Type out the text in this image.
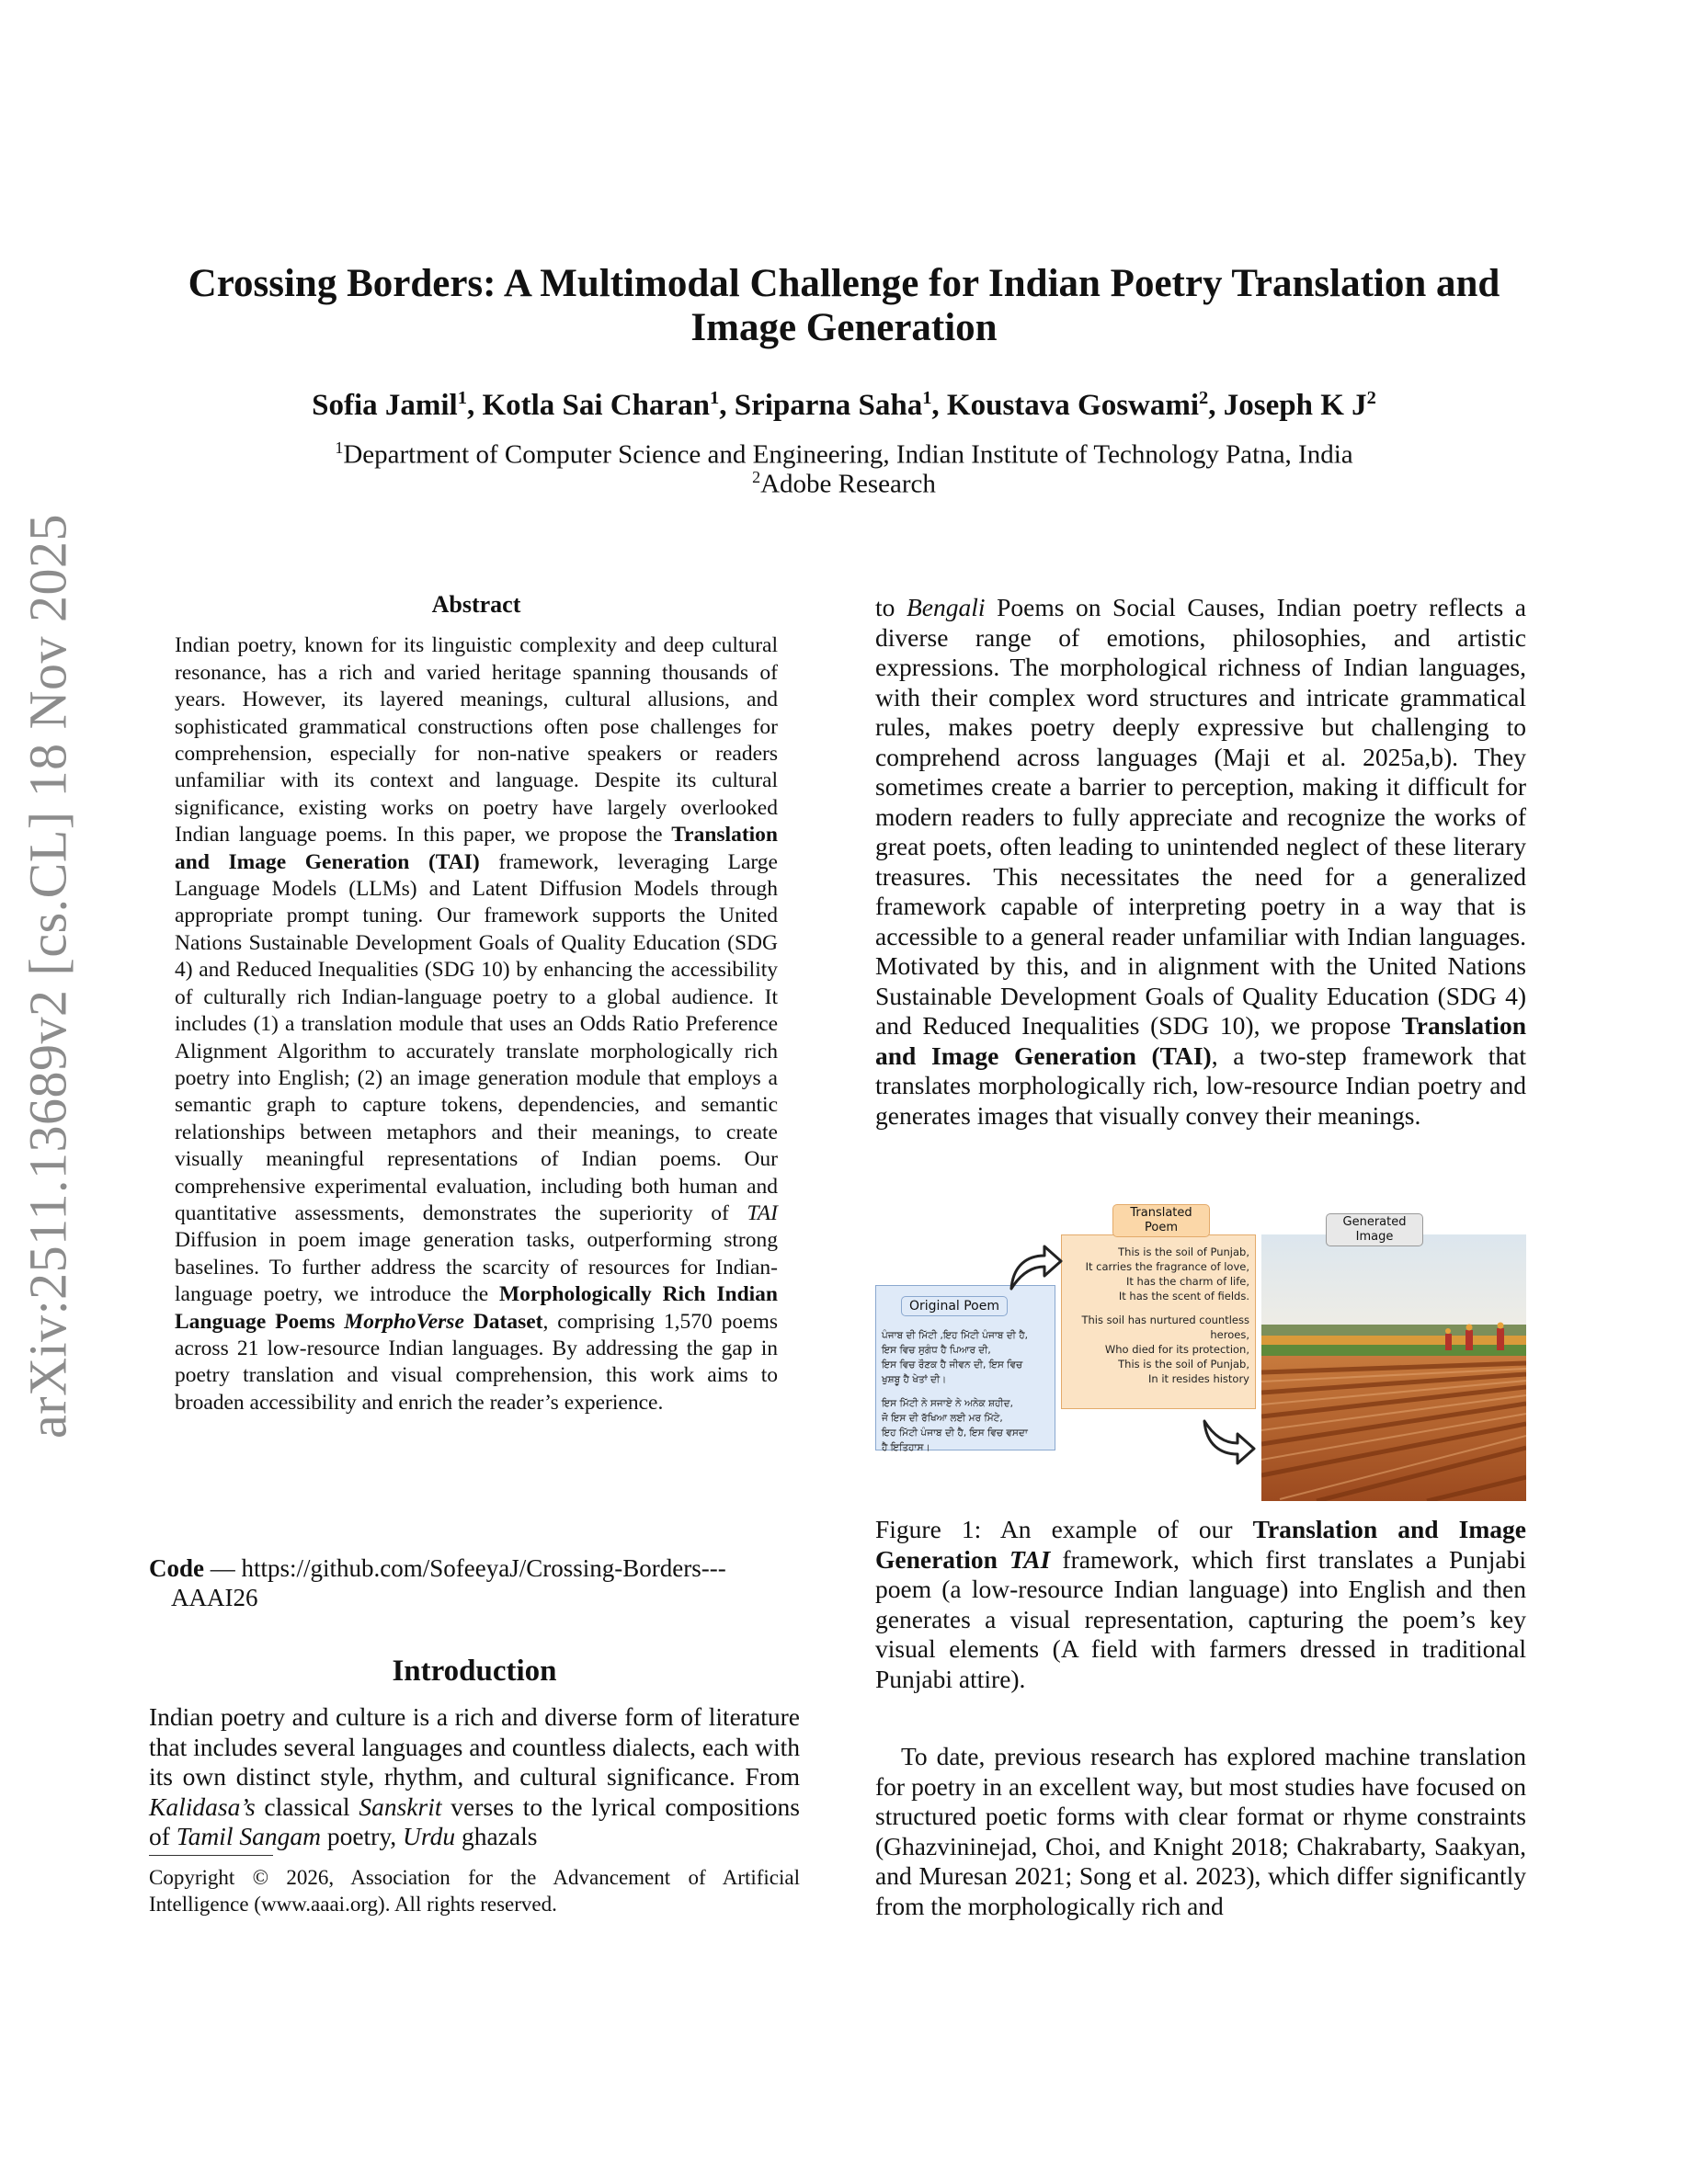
arXiv:2511.13689v2 [cs.CL] 18 Nov 2025
Crossing Borders: A Multimodal Challenge for Indian Poetry Translation and
Image Generation
Sofia Jamil$^1$, Kotla Sai Charan$^1$, Sriparna Saha$^1$, Koustava Goswami$^2$, Joseph K $J^2$
$^1$Department of Computer Science and Engineering, Indian Institute of Technology Patna, India
$^2$Adobe Research
Abstract

Indian poetry, known for its linguistic complexity and deep cultural resonance, has a rich and varied heritage spanning thousands of years. However, its layered meanings, cultural allusions, and sophisticated grammatical constructions often pose challenges for comprehension, especially for non-native speakers or readers unfamiliar with its context and language. Despite its cultural significance, existing works on poetry have largely overlooked Indian language poems. In this paper, we propose the Translation and Image Generation (TAI) framework, leveraging Large Language Models (LLMs) and Latent Diffusion Models through appropriate prompt tuning. Our framework supports the United Nations Sustainable Development Goals of Quality Education (SDG 4) and Reduced Inequalities (SDG 10) by enhancing the accessibility of culturally rich Indian-language poetry to a global audience. It includes (1) a translation module that uses an Odds Ratio Preference Alignment Algorithm to accurately translate morphologically rich poetry into English; (2) an image generation module that employs a semantic graph to capture tokens, dependencies, and semantic relationships between metaphors and their meanings, to create visually meaningful representations of Indian poems. Our comprehensive experimental evaluation, including both human and quantitative assessments, demonstrates the superiority of TAI Diffusion in poem image generation tasks, outperforming strong baselines. To further address the scarcity of resources for Indian-language poetry, we introduce the Morphologically Rich Indian Language Poems MorphoVerse Dataset, comprising 1,570 poems across 21 low-resource Indian languages. By addressing the gap in poetry translation and visual comprehension, this work aims to broaden accessibility and enrich the reader’s experience.

Code — https://github.com/SofeeyaJ/Crossing-Borders---
AAAI26
Introduction

Indian poetry and culture is a rich and diverse form of literature that includes several languages and countless dialects, each with its own distinct style, rhythm, and cultural significance. From Kalidasa’s classical Sanskrit verses to the lyrical compositions of Tamil Sangam poetry, Urdu ghazals

Copyright © 2026, Association for the Advancement of Artificial Intelligence (www.aaai.org). All rights reserved.

to Bengali Poems on Social Causes, Indian poetry reflects a diverse range of emotions, philosophies, and artistic expressions. The morphological richness of Indian languages, with their complex word structures and intricate grammatical rules, makes poetry deeply expressive but challenging to comprehend across languages (Maji et al. 2025a,b). They sometimes create a barrier to perception, making it difficult for modern readers to fully appreciate and recognize the works of great poets, often leading to unintended neglect of these literary treasures. This necessitates the need for a generalized framework capable of interpreting poetry in a way that is accessible to a general reader unfamiliar with Indian languages. Motivated by this, and in alignment with the United Nations Sustainable Development Goals of Quality Education (SDG 4) and Reduced Inequalities (SDG 10), we propose Translation and Image Generation (TAI), a two-step framework that translates morphologically rich, low-resource Indian poetry and generates images that visually convey their meanings.

ਪੰਜਾਬ ਦੀ ਮਿੱਟੀ ,ਇਹ ਮਿੱਟੀ ਪੰਜਾਬ ਦੀ ਹੈ,
ਇਸ ਵਿਚ ਸੁਗੰਧ ਹੈ ਪਿਆਰ ਦੀ,
ਇਸ ਵਿਚ ਰੌਣਕ ਹੈ ਜੀਵਨ ਦੀ, ਇਸ ਵਿਚ
ਖੁਸ਼ਬੂ ਹੈ ਖੇਤਾਂ ਦੀ।
ਇਸ ਮਿੱਟੀ ਨੇ ਸਜਾਏ ਨੇ ਅਨੇਕ ਸ਼ਹੀਦ,
ਜੋ ਇਸ ਦੀ ਰੱਖਿਆ ਲਈ ਮਰ ਮਿੱਟੇ,
ਇਹ ਮਿੱਟੀ ਪੰਜਾਬ ਦੀ ਹੈ, ਇਸ ਵਿਚ ਵਸਦਾ
ਹੈ ਇਤਿਹਾਸ।
Original Poem
This is the soil of Punjab,
It carries the fragrance of love,
It has the charm of life,
It has the scent of fields.
This soil has nurtured countless
heroes,
Who died for its protection,
This is the soil of Punjab,
In it resides history
Translated
Poem	Generated
Image
Figure 1: An example of our Translation and Image Generation TAI framework, which first translates a Punjabi poem (a low-resource Indian language) into English and then generates a visual representation, capturing the poem’s key visual elements (A field with farmers dressed in traditional Punjabi attire).

To date, previous research has explored machine translation for poetry in an excellent way, but most studies have focused on structured poetic forms with clear format or rhyme constraints (Ghazvininejad, Choi, and Knight 2018; Chakrabarty, Saakyan, and Muresan 2021; Song et al. 2023), which differ significantly from the morphologically rich and
